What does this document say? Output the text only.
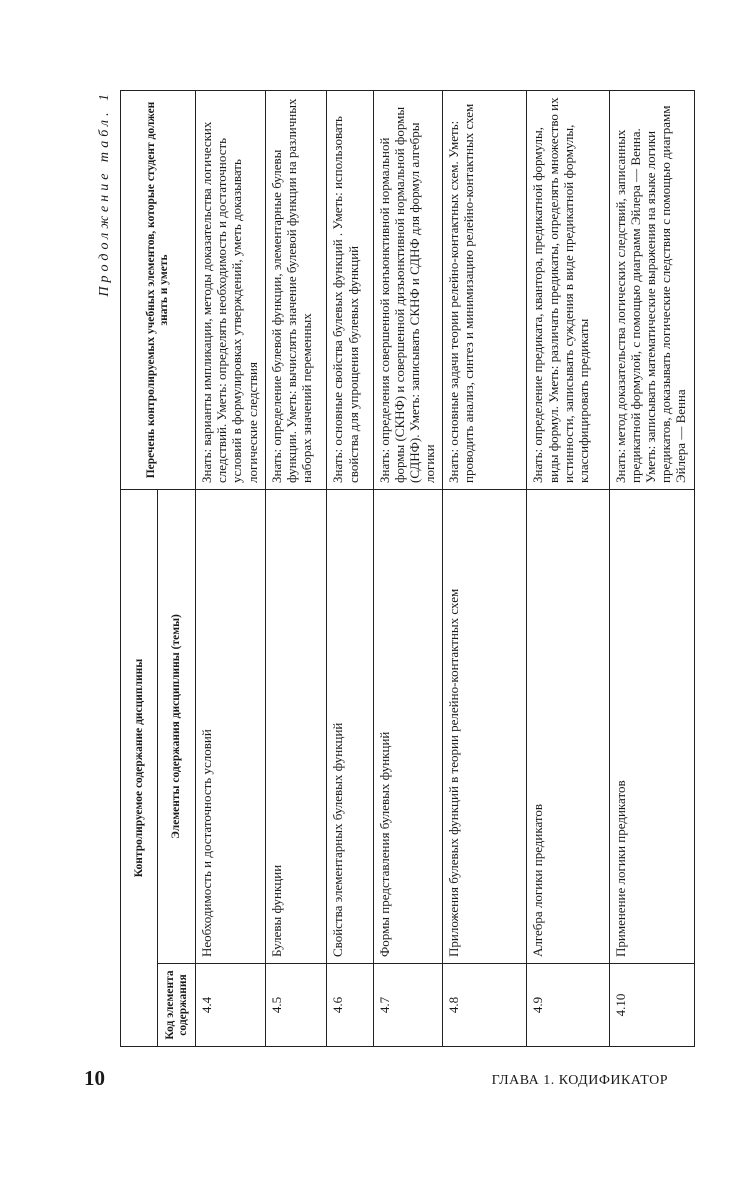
Продолжение табл. 1
Контролируемое содержание дисциплины		Перечень контролируемых учебных элементов, которые студент должен знать и уметь
Код элемента содержания	Элементы содержания дисциплины (темы)	
4.4	Необходимость и достаточность условий	Знать: варианты импликации, методы доказательства логических следствий. Уметь: определять необходимость и достаточность условий в формулировках утверждений, уметь доказывать логические следствия
4.5	Булевы функции	Знать: определение булевой функции, элементарные булевы функции. Уметь: вычислять значение булевой функции на различных наборах значений переменных
4.6	Свойства элементарных булевых функций	Знать: основные свойства булевых функций . Уметь: использовать свойства для упрощения булевых функций
4.7	Формы представления булевых функций	Знать: определения совершенной конъюнктивной нормальной формы (СКНФ) и совершенной дизъюнктивной нормальной формы (СДНФ). Уметь: записывать СКНФ и СДНФ для формул алгебры логики
4.8	Приложения булевых функций в теории релейно-контактных схем	Знать: основные задачи теории релейно-контактных схем. Уметь: проводить анализ, синтез и минимизацию релейно-контактных схем
4.9	Алгебра логики предикатов	Знать: определение предиката, квантора, предикатной формулы, виды формул. Уметь: различать предикаты, определять множество их истинности, записывать суждения в виде предикатной формулы, классифицировать предикаты
4.10	Применение логики предикатов	Знать: метод доказательства логических следствий, записанных предикатной формулой, с помощью диаграмм Эйлера — Венна. Уметь: записывать математические выражения на языке логики предикатов, доказывать логические следствия с помощью диаграмм Эйлера — Венна
10	ГЛАВА 1. КОДИФИКАТОР
